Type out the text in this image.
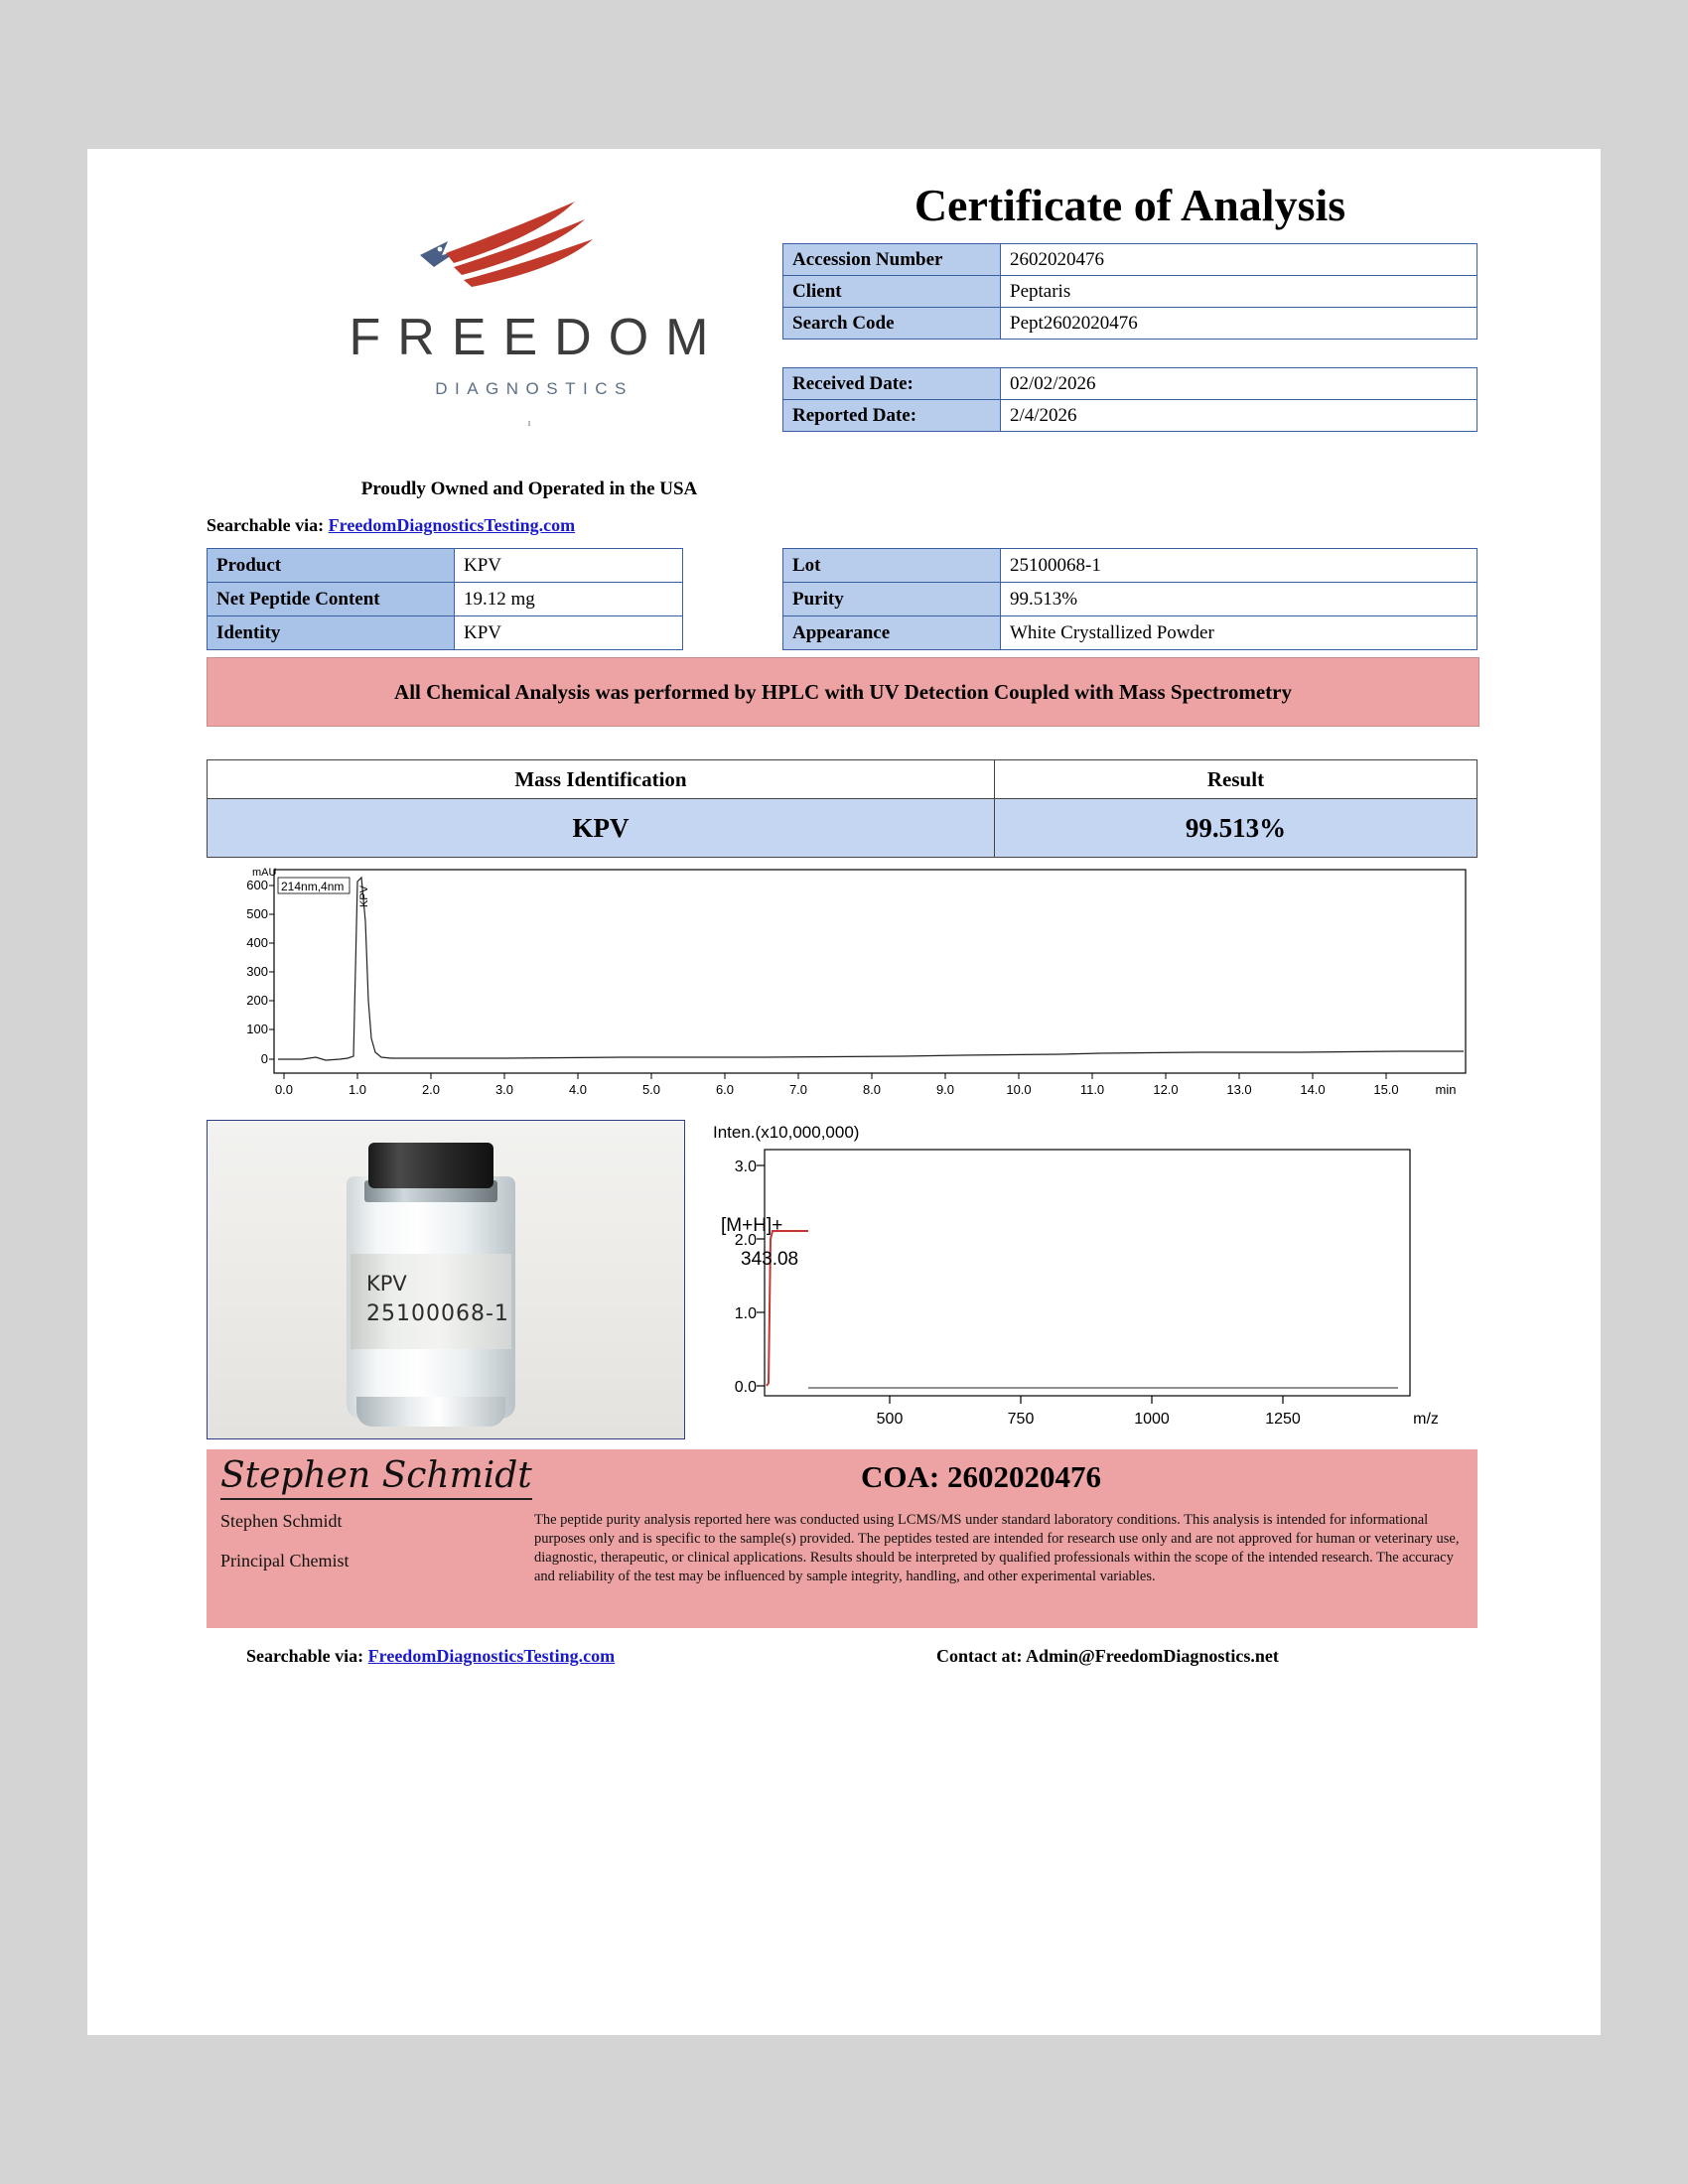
FREEDOM
DIAGNOSTICS
ı
Proudly Owned and Operated in the USA
Searchable via: FreedomDiagnosticsTesting.com
Certificate of Analysis
Accession Number	2602020476
Client	Peptaris
Search Code	Pept2602020476
Received Date:	02/02/2026
Reported Date:	2/4/2026
Product	KPV
Net Peptide Content	19.12 mg
Identity	KPV
Lot	25100068-1
Purity	99.513%
Appearance	White Crystallized Powder
All Chemical Analysis was performed by HPLC with UV Detection Coupled with Mass Spectrometry
Mass Identification	Result
KPV	99.513%
mAU
214nm,4nm
600
500
400
300
200
100
0
0.0	1.0	2.0	3.0	4.0	5.0	6.0	7.0	8.0	9.0	10.0	11.0	12.0	13.0	14.0	15.0	min
KPV
KPV
25100068-1
Inten.(x10,000,000)
3.0
2.0
1.0
0.0
500	750	1000	1250	m/z
[M+H]+
343.08
Stephen Schmidt
Stephen Schmidt
Principal Chemist
COA: 2602020476
The peptide purity analysis reported here was conducted using LCMS/MS under standard laboratory conditions. This analysis is intended for informational purposes only and is specific to the sample(s) provided. The peptides tested are intended for research use only and are not approved for human or veterinary use, diagnostic, therapeutic, or clinical applications. Results should be interpreted by qualified professionals within the scope of the intended research. The accuracy and reliability of the test may be influenced by sample integrity, handling, and other experimental variables.
Searchable via: FreedomDiagnosticsTesting.com	Contact at: Admin@FreedomDiagnostics.net
